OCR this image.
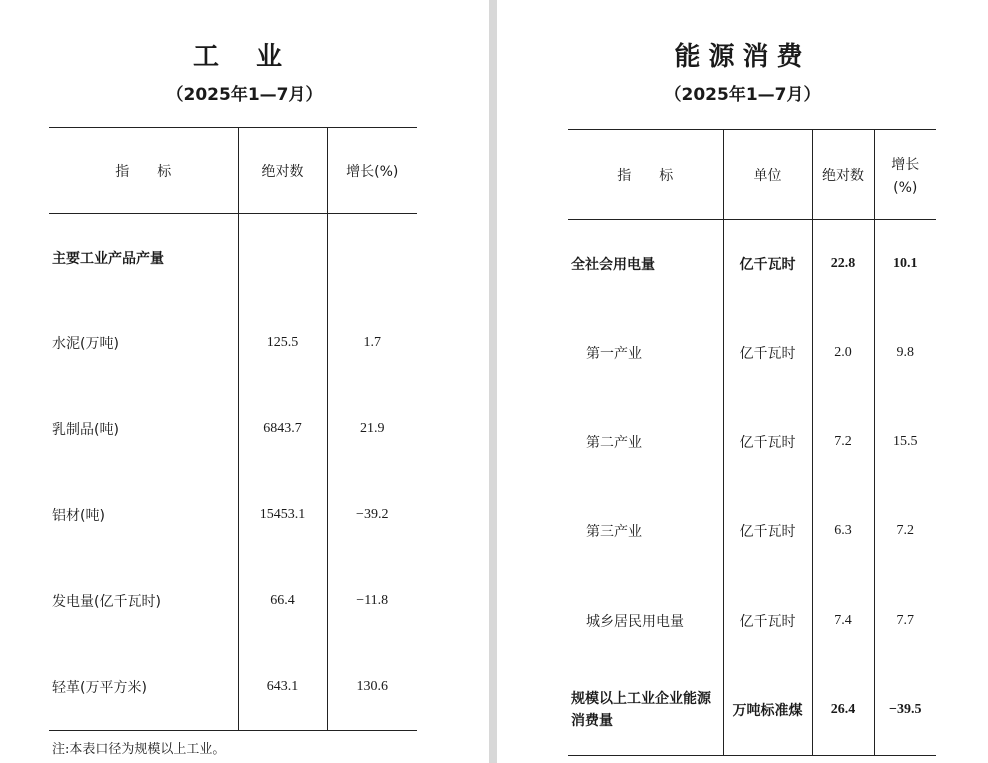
工 业
（2025年1—7月）
指　　标	绝对数	增长(%)
主要工业产品产量		
水泥(万吨)	125.5	1.7
乳制品(吨)	6843.7	21.9
铝材(吨)	15453.1	−39.2
发电量(亿千瓦时)	66.4	−11.8
轻革(万平方米)	643.1	130.6
注:本表口径为规模以上工业。
能源消费
（2025年1—7月）
指　　标	单位	绝对数	增长
(%)

全社会用电量	亿千瓦时	22.8	10.1
第一产业	亿千瓦时	2.0	9.8
第二产业	亿千瓦时	7.2	15.5
第三产业	亿千瓦时	6.3	7.2
城乡居民用电量	亿千瓦时	7.4	7.7
规模以上工业企业能源消费量	万吨标准煤	26.4	−39.5
